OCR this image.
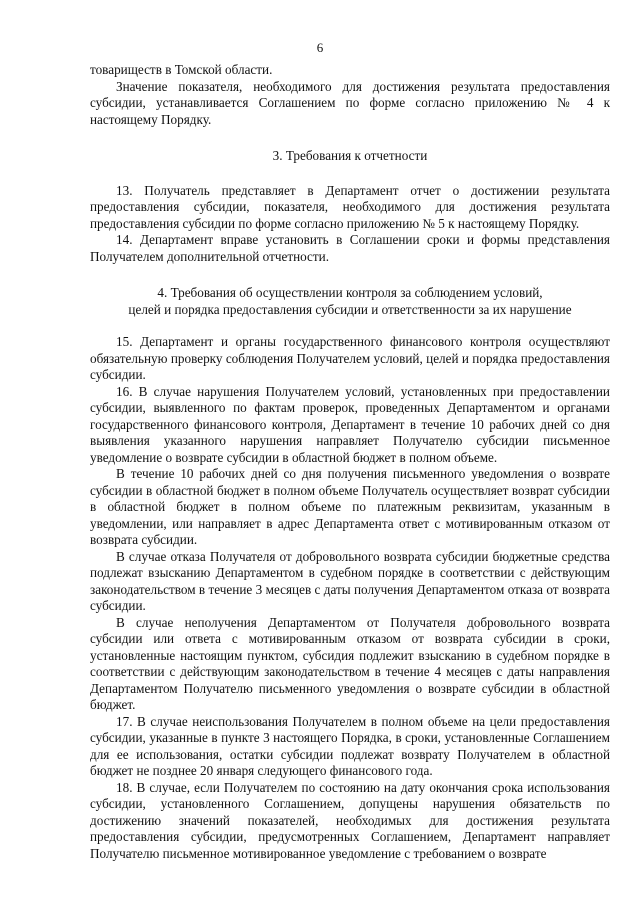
6

товариществ в Томской области.

Значение показателя, необходимого для достижения результата предоставления субсидии, устанавливается Соглашением по форме согласно приложению № 4 к настоящему Порядку.

3. Требования к отчетности

13. Получатель представляет в Департамент отчет о достижении результата предоставления субсидии, показателя, необходимого для достижения результата предоставления субсидии по форме согласно приложению № 5 к настоящему Порядку.

14. Департамент вправе установить в Соглашении сроки и формы представления Получателем дополнительной отчетности.

4. Требования об осуществлении контроля за соблюдением условий,

целей и порядка предоставления субсидии и ответственности за их нарушение

15. Департамент и органы государственного финансового контроля осуществляют обязательную проверку соблюдения Получателем условий, целей и порядка предоставления субсидии.

16. В случае нарушения Получателем условий, установленных при предоставлении субсидии, выявленного по фактам проверок, проведенных Департаментом и органами государственного финансового контроля, Департамент в течение 10 рабочих дней со дня выявления указанного нарушения направляет Получателю субсидии письменное уведомление о возврате субсидии в областной бюджет в полном объеме.

В течение 10 рабочих дней со дня получения письменного уведомления о возврате субсидии в областной бюджет в полном объеме Получатель осуществляет возврат субсидии в областной бюджет в полном объеме по платежным реквизитам, указанным в уведомлении, или направляет в адрес Департамента ответ с мотивированным отказом от возврата субсидии.

В случае отказа Получателя от добровольного возврата субсидии бюджетные средства подлежат взысканию Департаментом в судебном порядке в соответствии с действующим законодательством в течение 3 месяцев с даты получения Департаментом отказа от возврата субсидии.

В случае неполучения Департаментом от Получателя добровольного возврата субсидии или ответа с мотивированным отказом от возврата субсидии в сроки, установленные настоящим пунктом, субсидия подлежит взысканию в судебном порядке в соответствии с действующим законодательством в течение 4 месяцев с даты направления Департаментом Получателю письменного уведомления о возврате субсидии в областной бюджет.

17. В случае неиспользования Получателем в полном объеме на цели предоставления субсидии, указанные в пункте 3 настоящего Порядка, в сроки, установленные Соглашением для ее использования, остатки субсидии подлежат возврату Получателем в областной бюджет не позднее 20 января следующего финансового года.

18. В случае, если Получателем по состоянию на дату окончания срока использования субсидии, установленного Соглашением, допущены нарушения обязательств по достижению значений показателей, необходимых для достижения результата предоставления субсидии, предусмотренных Соглашением, Департамент направляет Получателю письменное мотивированное уведомление с требованием о возврате
